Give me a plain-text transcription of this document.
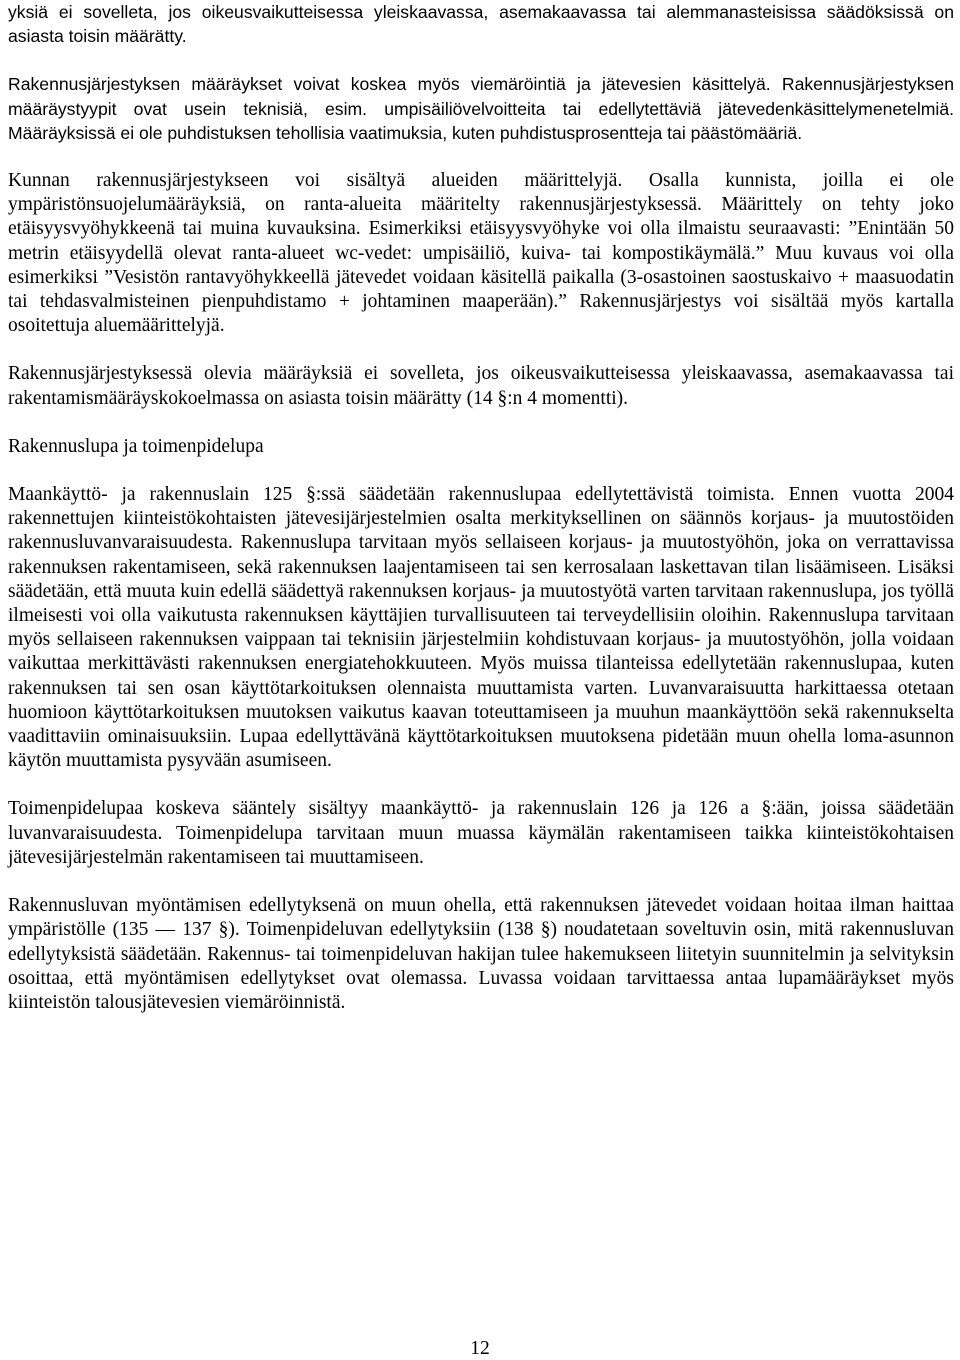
yksiä ei sovelleta, jos oikeusvaikutteisessa yleiskaavassa, asemakaavassa tai alemmanasteisissa säädöksissä on asiasta toisin määrätty.

Rakennusjärjestyksen määräykset voivat koskea myös viemäröintiä ja jätevesien käsittelyä. Rakennusjärjestyksen määräystyypit ovat usein teknisiä, esim. umpisäiliövelvoitteita tai edellytettäviä jätevedenkäsittelymenetelmiä. Määräyksissä ei ole puhdistuksen tehollisia vaatimuksia, kuten puhdistusprosentteja tai päästömääriä.

Kunnan rakennusjärjestykseen voi sisältyä alueiden määrittelyjä. Osalla kunnista, joilla ei ole ympäristönsuojelumääräyksiä, on ranta-alueita määritelty rakennusjärjestyksessä. Määrittely on tehty joko etäisyysvyöhykkeenä tai muina kuvauksina. Esimerkiksi etäisyysvyöhyke voi olla ilmaistu seuraavasti: ”Enintään 50 metrin etäisyydellä olevat ranta-alueet wc-vedet: umpisäiliö, kuiva- tai kompostikäymälä.” Muu kuvaus voi olla esimerkiksi ”Vesistön rantavyöhykkeellä jätevedet voidaan käsitellä paikalla (3-osastoinen saostuskaivo + maasuodatin tai tehdasvalmisteinen pienpuhdistamo + johtaminen maaperään).” Rakennusjärjestys voi sisältää myös kartalla osoitettuja aluemäärittelyjä.

Rakennusjärjestyksessä olevia määräyksiä ei sovelleta, jos oikeusvaikutteisessa yleiskaavassa, asemakaavassa tai rakentamismääräyskokoelmassa on asiasta toisin määrätty (14 §:n 4 momentti).

Rakennuslupa ja toimenpidelupa

Maankäyttö- ja rakennuslain 125 §:ssä säädetään rakennuslupaa edellytettävistä toimista. Ennen vuotta 2004 rakennettujen kiinteistökohtaisten jätevesijärjestelmien osalta merkityksellinen on säännös korjaus- ja muutostöiden rakennusluvanvaraisuudesta. Rakennuslupa tarvitaan myös sellaiseen korjaus- ja muutostyöhön, joka on verrattavissa rakennuksen rakentamiseen, sekä rakennuksen laajentamiseen tai sen kerrosalaan laskettavan tilan lisäämiseen. Lisäksi säädetään, että muuta kuin edellä säädettyä rakennuksen korjaus- ja muutostyötä varten tarvitaan rakennuslupa, jos työllä ilmeisesti voi olla vaikutusta rakennuksen käyttäjien turvallisuuteen tai terveydellisiin oloihin. Rakennuslupa tarvitaan myös sellaiseen rakennuksen vaippaan tai teknisiin järjestelmiin kohdistuvaan korjaus- ja muutostyöhön, jolla voidaan vaikuttaa merkittävästi rakennuksen energiatehokkuuteen. Myös muissa tilanteissa edellytetään rakennuslupaa, kuten rakennuksen tai sen osan käyttötarkoituksen olennaista muuttamista varten. Luvanvaraisuutta harkittaessa otetaan huomioon käyttötarkoituksen muutoksen vaikutus kaavan toteuttamiseen ja muuhun maankäyttöön sekä rakennukselta vaadittaviin ominaisuuksiin. Lupaa edellyttävänä käyttötarkoituksen muutoksena pidetään muun ohella loma-asunnon käytön muuttamista pysyvään asumiseen.

Toimenpidelupaa koskeva sääntely sisältyy maankäyttö- ja rakennuslain 126 ja 126 a §:ään, joissa säädetään luvanvaraisuudesta. Toimenpidelupa tarvitaan muun muassa käymälän rakentamiseen taikka kiinteistökohtaisen jätevesijärjestelmän rakentamiseen tai muuttamiseen.

Rakennusluvan myöntämisen edellytyksenä on muun ohella, että rakennuksen jätevedet voidaan hoitaa ilman haittaa ympäristölle (135 — 137 §). Toimenpideluvan edellytyksiin (138 §) noudatetaan soveltuvin osin, mitä rakennusluvan edellytyksistä säädetään. Rakennus- tai toimenpideluvan hakijan tulee hakemukseen liitetyin suunnitelmin ja selvityksin osoittaa, että myöntämisen edellytykset ovat olemassa. Luvassa voidaan tarvittaessa antaa lupamääräykset myös kiinteistön talousjätevesien viemäröinnistä.

12
